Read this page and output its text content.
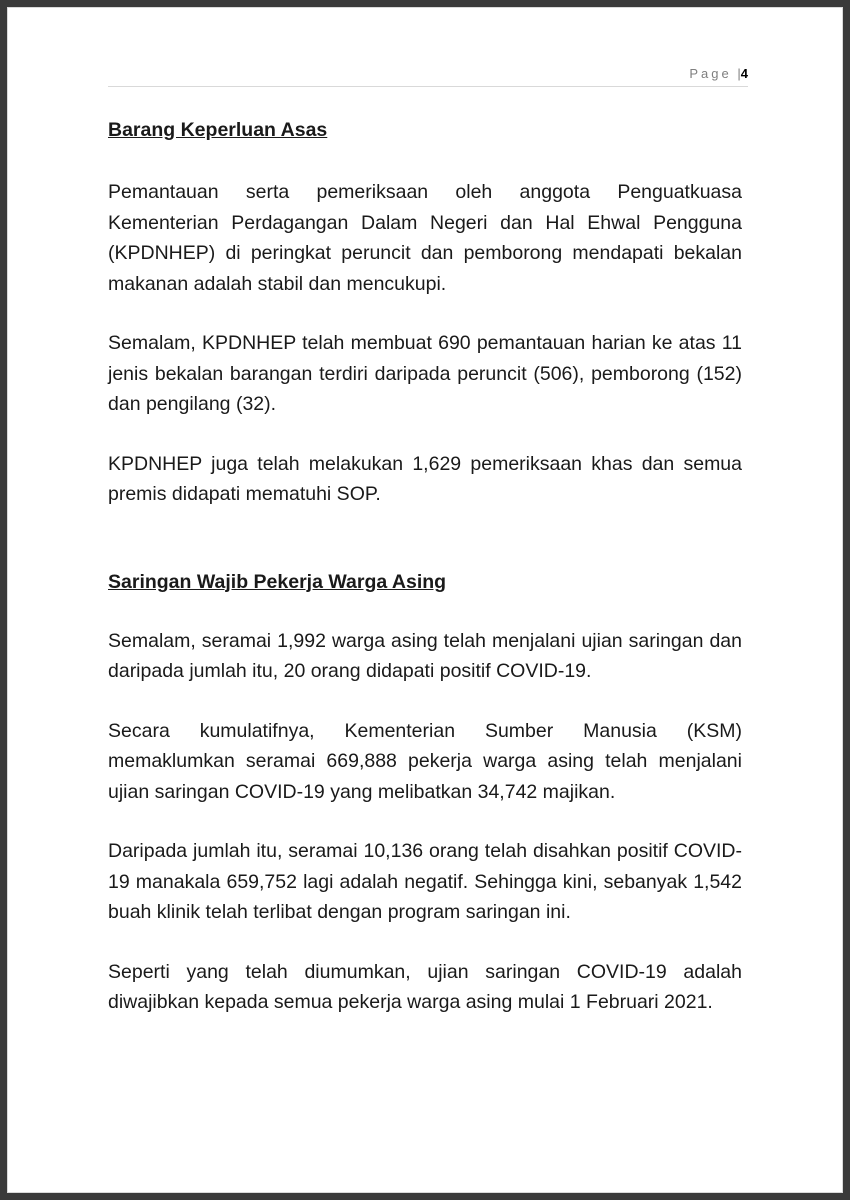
Page |4

Barang Keperluan Asas

Pemantauan serta pemeriksaan oleh anggota Penguatkuasa Kementerian Perdagangan Dalam Negeri dan Hal Ehwal Pengguna (KPDNHEP) di peringkat peruncit dan pemborong mendapati bekalan makanan adalah stabil dan mencukupi.

Semalam, KPDNHEP telah membuat 690 pemantauan harian ke atas 11 jenis bekalan barangan terdiri daripada peruncit (506), pemborong (152) dan pengilang (32).

KPDNHEP juga telah melakukan 1,629 pemeriksaan khas dan semua premis didapati mematuhi SOP.

Saringan Wajib Pekerja Warga Asing

Semalam, seramai 1,992 warga asing telah menjalani ujian saringan dan daripada jumlah itu, 20 orang didapati positif COVID-19.

Secara kumulatifnya, Kementerian Sumber Manusia (KSM) memaklumkan seramai 669,888 pekerja warga asing telah menjalani ujian saringan COVID-19 yang melibatkan 34,742 majikan.

Daripada jumlah itu, seramai 10,136 orang telah disahkan positif COVID-19 manakala 659,752 lagi adalah negatif. Sehingga kini, sebanyak 1,542 buah klinik telah terlibat dengan program saringan ini.

Seperti yang telah diumumkan, ujian saringan COVID-19 adalah diwajibkan kepada semua pekerja warga asing mulai 1 Februari 2021.
